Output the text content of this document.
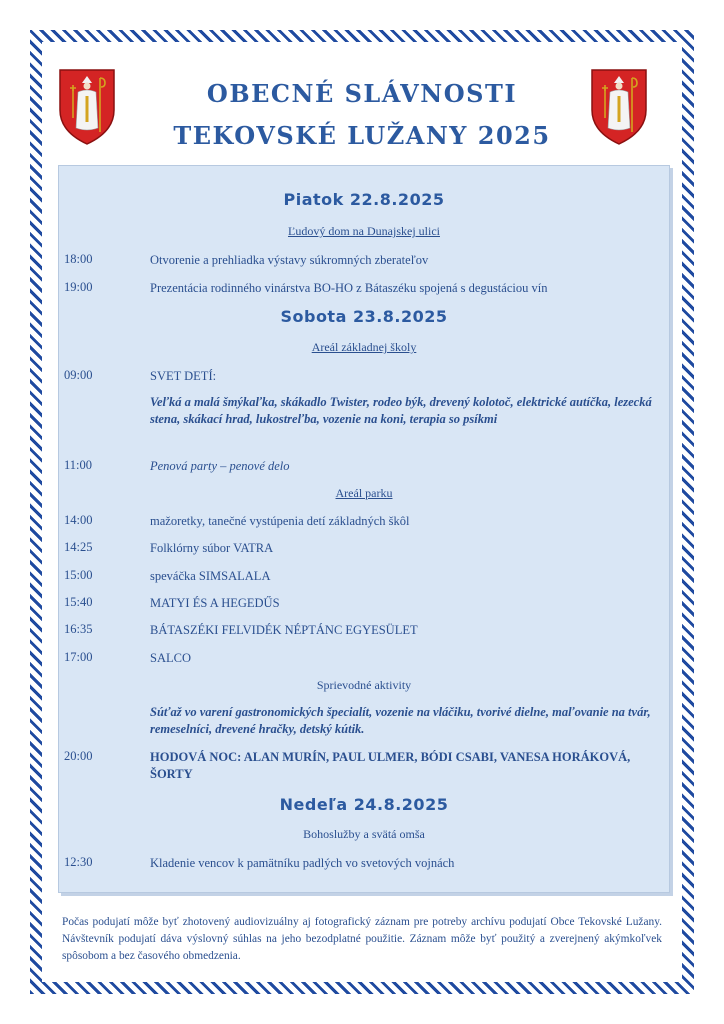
OBECNÉ SLÁVNOSTI
TEKOVSKÉ LUŽANY 2025
Piatok 22.8.2025
Ľudový dom na Dunajskej ulici
18:00	Otvorenie a prehliadka výstavy súkromných zberateľov
19:00	Prezentácia rodinného vinárstva BO-HO z Bátaszéku spojená s degustáciou vín
Sobota 23.8.2025
Areál základnej školy
09:00	SVET DETÍ:
Veľká a malá šmýkaľka, skákadlo Twister, rodeo býk, drevený kolotoč, elektrické autíčka, lezecká stena, skákací hrad, lukostreľba, vozenie na koni, terapia so psíkmi
11:00	Penová party – penové delo
Areál parku
14:00	mažoretky, tanečné vystúpenia detí základných škôl
14:25	Folklórny súbor VATRA
15:00	speváčka SIMSALALA
15:40	MATYI ÉS A HEGEDŰS
16:35	BÁTASZÉKI FELVIDÉK NÉPTÁNC EGYESÜLET
17:00	SALCO
Sprievodné aktivity
Súťaž vo varení gastronomických špecialít, vozenie na vláčiku, tvorivé dielne, maľovanie na tvár, remeselníci, drevené hračky, detský kútik.
20:00	HODOVÁ NOC: ALAN MURÍN, PAUL ULMER, BÓDI CSABI, VANESA HORÁKOVÁ, ŠORTY
Nedeľa 24.8.2025
Bohoslužby a svätá omša
12:30	Kladenie vencov k pamätníku padlých vo svetových vojnách
Počas podujatí môže byť zhotovený audiovizuálny aj fotografický záznam pre potreby archívu podujatí Obce Tekovské Lužany. Návštevník podujatí dáva výslovný súhlas na jeho bezodplatné použitie. Záznam môže byť použitý a zverejnený akýmkoľvek spôsobom a bez časového obmedzenia.
